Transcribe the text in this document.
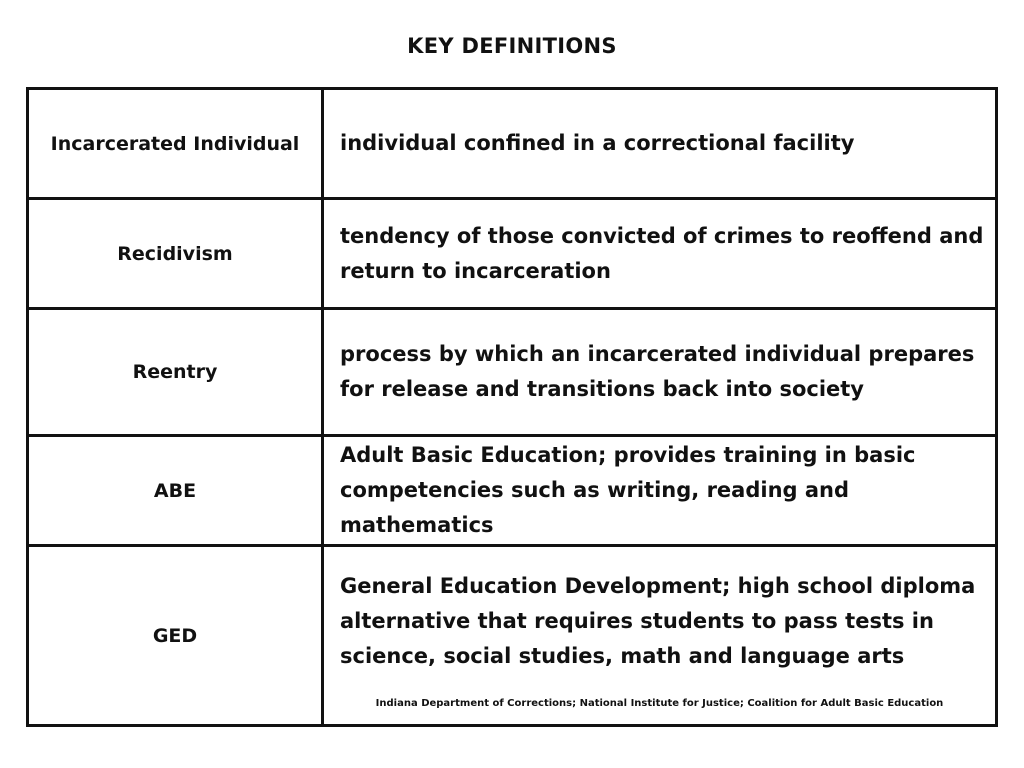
KEY DEFINITIONS
Incarcerated Individual	individual confined in a correctional facility
Recidivism	tendency of those convicted of crimes to reoffend and return to incarceration
Reentry	process by which an incarcerated individual prepares for release and transitions back into society
ABE	Adult Basic Education; provides training in basic competencies such as writing, reading and mathematics
GED	General Education Development; high school diploma alternative that requires students to pass tests in science, social studies, math and language arts
Indiana Department of Corrections; National Institute for Justice; Coalition for Adult Basic Education
